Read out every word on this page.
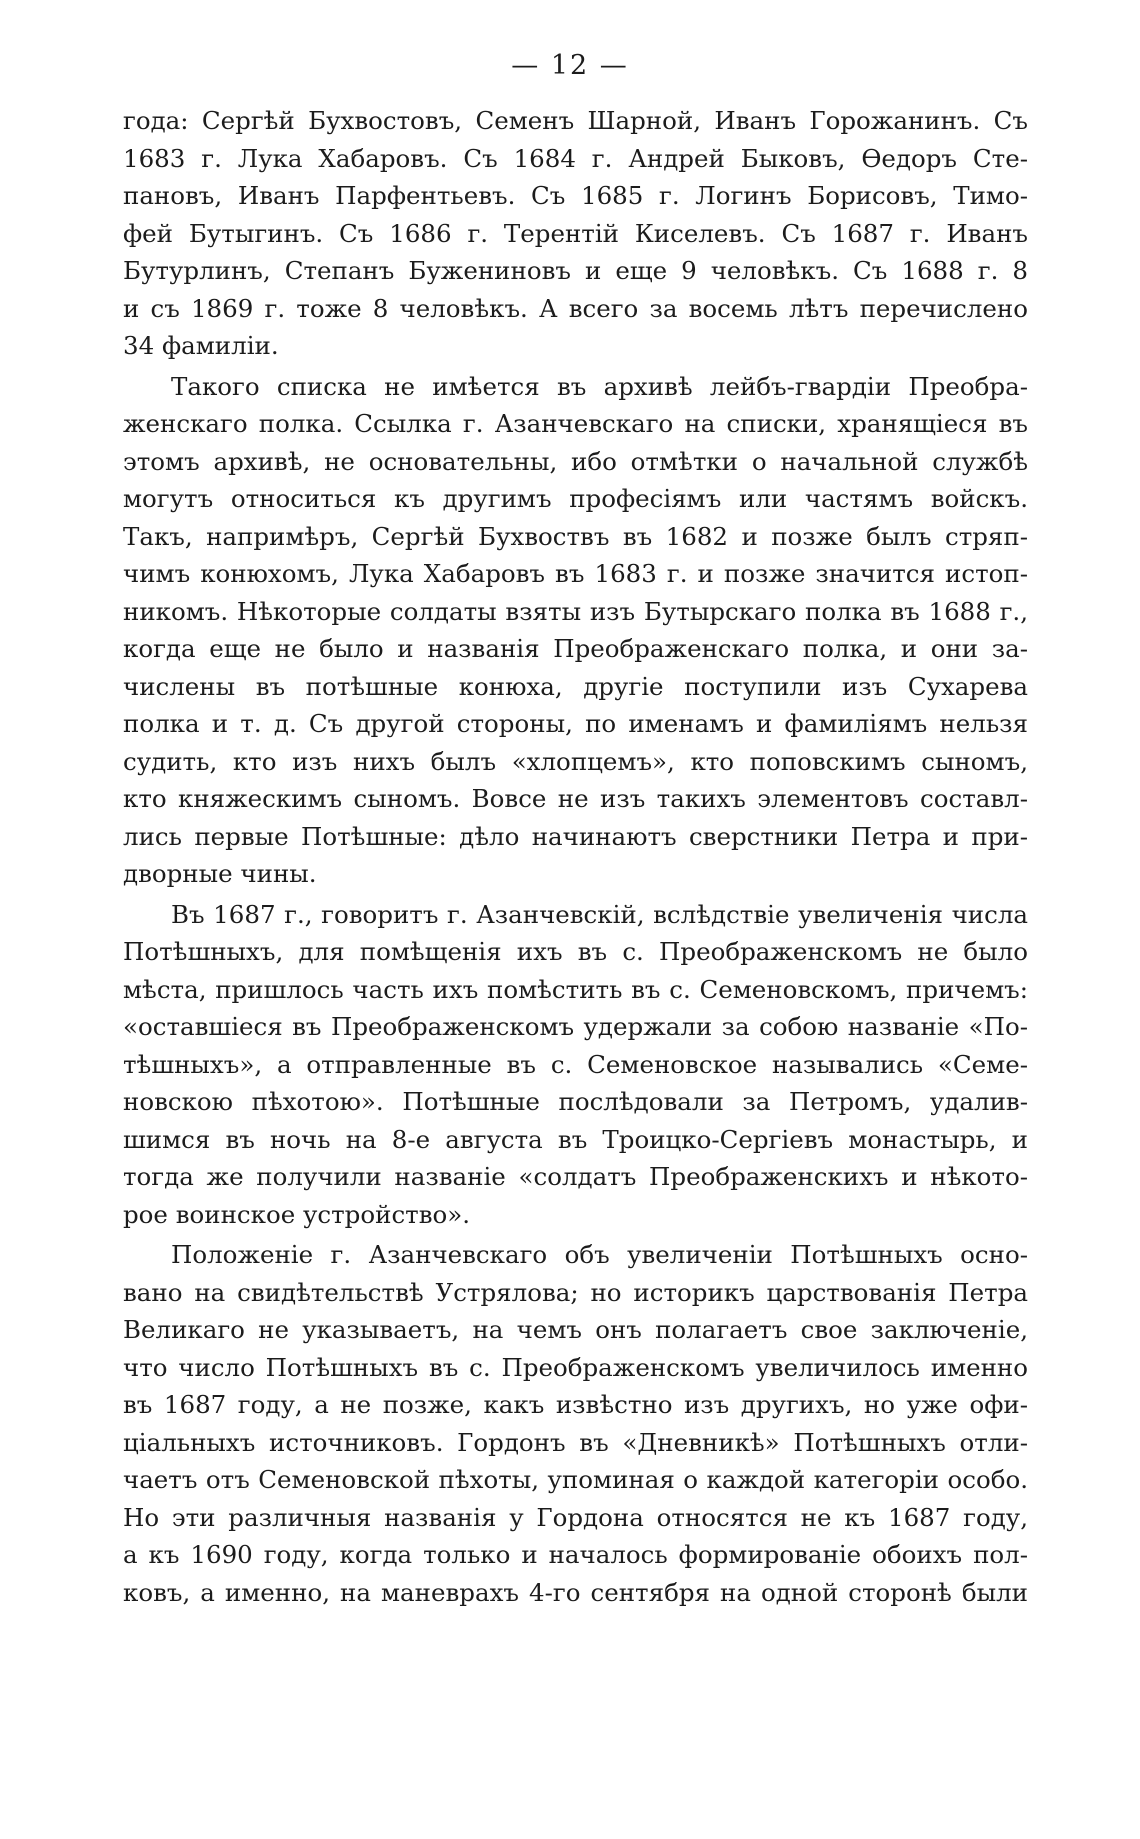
— 12 —
года: Сергѣй Бухвостовъ, Семенъ Шарной, Иванъ Горожанинъ. Съ
1683 г. Лука Хабаровъ. Съ 1684 г. Андрей Быковъ, Ѳедоръ Сте-
пановъ, Иванъ Парфентьевъ. Съ 1685 г. Логинъ Борисовъ, Тимо-
фей Бутыгинъ. Съ 1686 г. Терентій Киселевъ. Съ 1687 г. Иванъ
Бутурлинъ, Степанъ Бужениновъ и еще 9 человѣкъ. Съ 1688 г. 8
и съ 1869 г. тоже 8 человѣкъ. А всего за восемь лѣтъ перечислено
34 фамиліи.
Такого списка не имѣется въ архивѣ лейбъ-гвардіи Преобра-
женскаго полка. Ссылка г. Азанчевскаго на списки, хранящіеся въ
этомъ архивѣ, не основательны, ибо отмѣтки о начальной службѣ
могутъ относиться къ другимъ професіямъ или частямъ войскъ.
Такъ, напримѣръ, Сергѣй Бухвоствъ въ 1682 и позже былъ стряп-
чимъ конюхомъ, Лука Хабаровъ въ 1683 г. и позже значится истоп-
никомъ. Нѣкоторые солдаты взяты изъ Бутырскаго полка въ 1688 г.,
когда еще не было и названія Преображенскаго полка, и они за-
числены въ потѣшные конюха, другіе поступили изъ Сухарева
полка и т. д. Съ другой стороны, по именамъ и фамиліямъ нельзя
судить, кто изъ нихъ былъ «хлопцемъ», кто поповскимъ сыномъ,
кто княжескимъ сыномъ. Вовсе не изъ такихъ элементовъ составл-
лись первые Потѣшные: дѣло начинаютъ сверстники Петра и при-
дворные чины.
Въ 1687 г., говоритъ г. Азанчевскій, вслѣдствіе увеличенія числа
Потѣшныхъ, для помѣщенія ихъ въ с. Преображенскомъ не было
мѣста, пришлось часть ихъ помѣстить въ с. Семеновскомъ, причемъ:
«оставшіеся въ Преображенскомъ удержали за собою названіе «По-
тѣшныхъ», а отправленные въ с. Семеновское назывались «Семе-
новскою пѣхотою». Потѣшные послѣдовали за Петромъ, удалив-
шимся въ ночь на 8-е августа въ Троицко-Сергіевъ монастырь, и
тогда же получили названіе «солдатъ Преображенскихъ и нѣкото-
рое воинское устройство».
Положеніе г. Азанчевскаго объ увеличеніи Потѣшныхъ осно-
вано на свидѣтельствѣ Устрялова; но историкъ царствованія Петра
Великаго не указываетъ, на чемъ онъ полагаетъ свое заключеніе,
что число Потѣшныхъ въ с. Преображенскомъ увеличилось именно
въ 1687 году, а не позже, какъ извѣстно изъ другихъ, но уже офи-
ціальныхъ источниковъ. Гордонъ въ «Дневникѣ» Потѣшныхъ отли-
чаетъ отъ Семеновской пѣхоты, упоминая о каждой категоріи особо.
Но эти различныя названія у Гордона относятся не къ 1687 году,
а къ 1690 году, когда только и началось формированіе обоихъ пол-
ковъ, а именно, на маневрахъ 4-го сентября на одной сторонѣ были
